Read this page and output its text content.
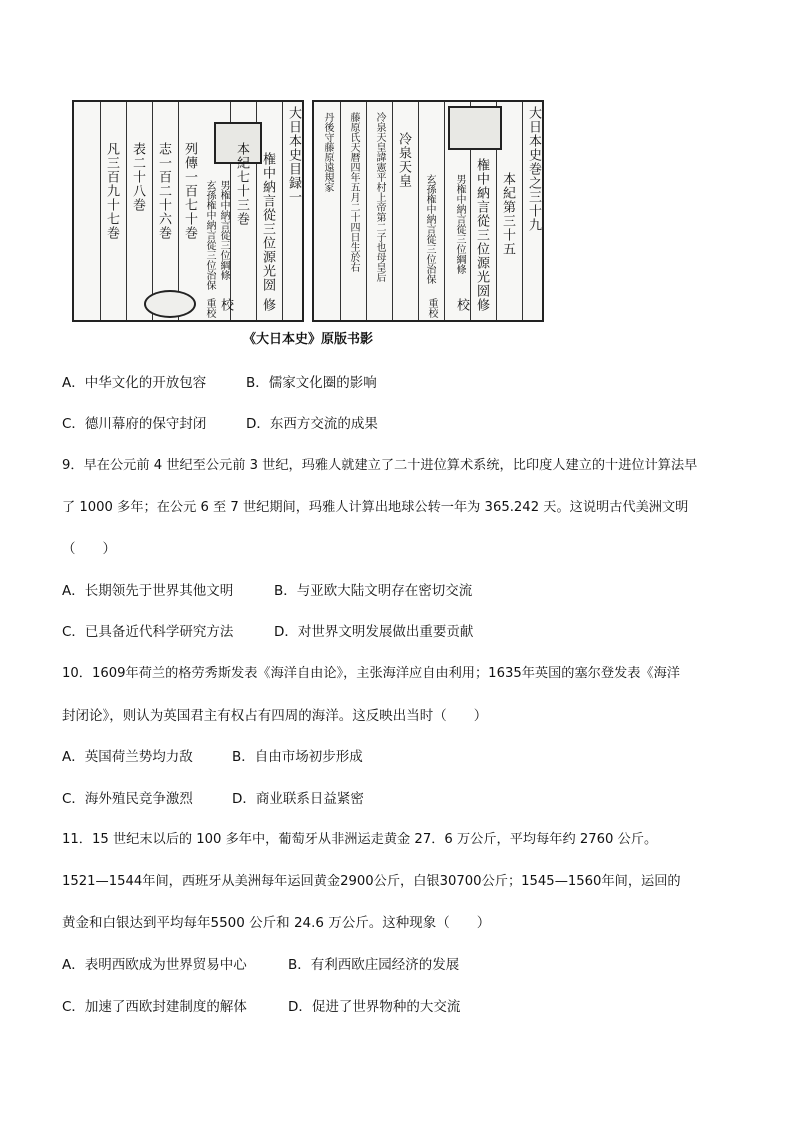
大日本史目録一
権中納言從三位源光圀
本紀七十三巻
男権中納言從三位綱條
玄孫権中納言從三位治保
列傳一百七十巻
志一百二十六巻
表二十八巻
凡三百九十七巻
修
校
重校
大日本史巻之三十九
本紀第三十五
権中納言從三位源光圀
男権中納言從三位綱條
玄孫権中納言從三位治保
冷泉天皇
冷泉天皇諱憲平村上帝第二子也母皇后
藤原氏天暦四年五月二十四日生於右
丹後守藤原遠規家
修
校
重校
《大日本史》原版书影
A．中华文化的开放包容	B．儒家文化圈的影响
C．德川幕府的保守封闭	D．东西方交流的成果
9．早在公元前 4 世纪至公元前 3 世纪，玛雅人就建立了二十进位算术系统，比印度人建立的十进位计算法早
了 1000 多年；在公元 6 至 7 世纪期间，玛雅人计算出地球公转一年为 365.242 天。这说明古代美洲文明
（　　）
A．长期领先于世界其他文明	B．与亚欧大陆文明存在密切交流
C．已具备近代科学研究方法	D．对世界文明发展做出重要贡献
10．1609年荷兰的格劳秀斯发表《海洋自由论》，主张海洋应自由利用；1635年英国的塞尔登发表《海洋
封闭论》，则认为英国君主有权占有四周的海洋。这反映出当时（　　）
A．英国荷兰势均力敌	B．自由市场初步形成
C．海外殖民竞争激烈	D．商业联系日益紧密
11．15 世纪末以后的 100 多年中，葡萄牙从非洲运走黄金 27．6 万公斤，平均每年约 2760 公斤。
1521—1544年间，西班牙从美洲每年运回黄金2900公斤，白银30700公斤；1545—1560年间，运回的
黄金和白银达到平均每年5500 公斤和 24.6 万公斤。这种现象（　　）
A．表明西欧成为世界贸易中心	B．有利西欧庄园经济的发展
C．加速了西欧封建制度的解体	D．促进了世界物种的大交流
